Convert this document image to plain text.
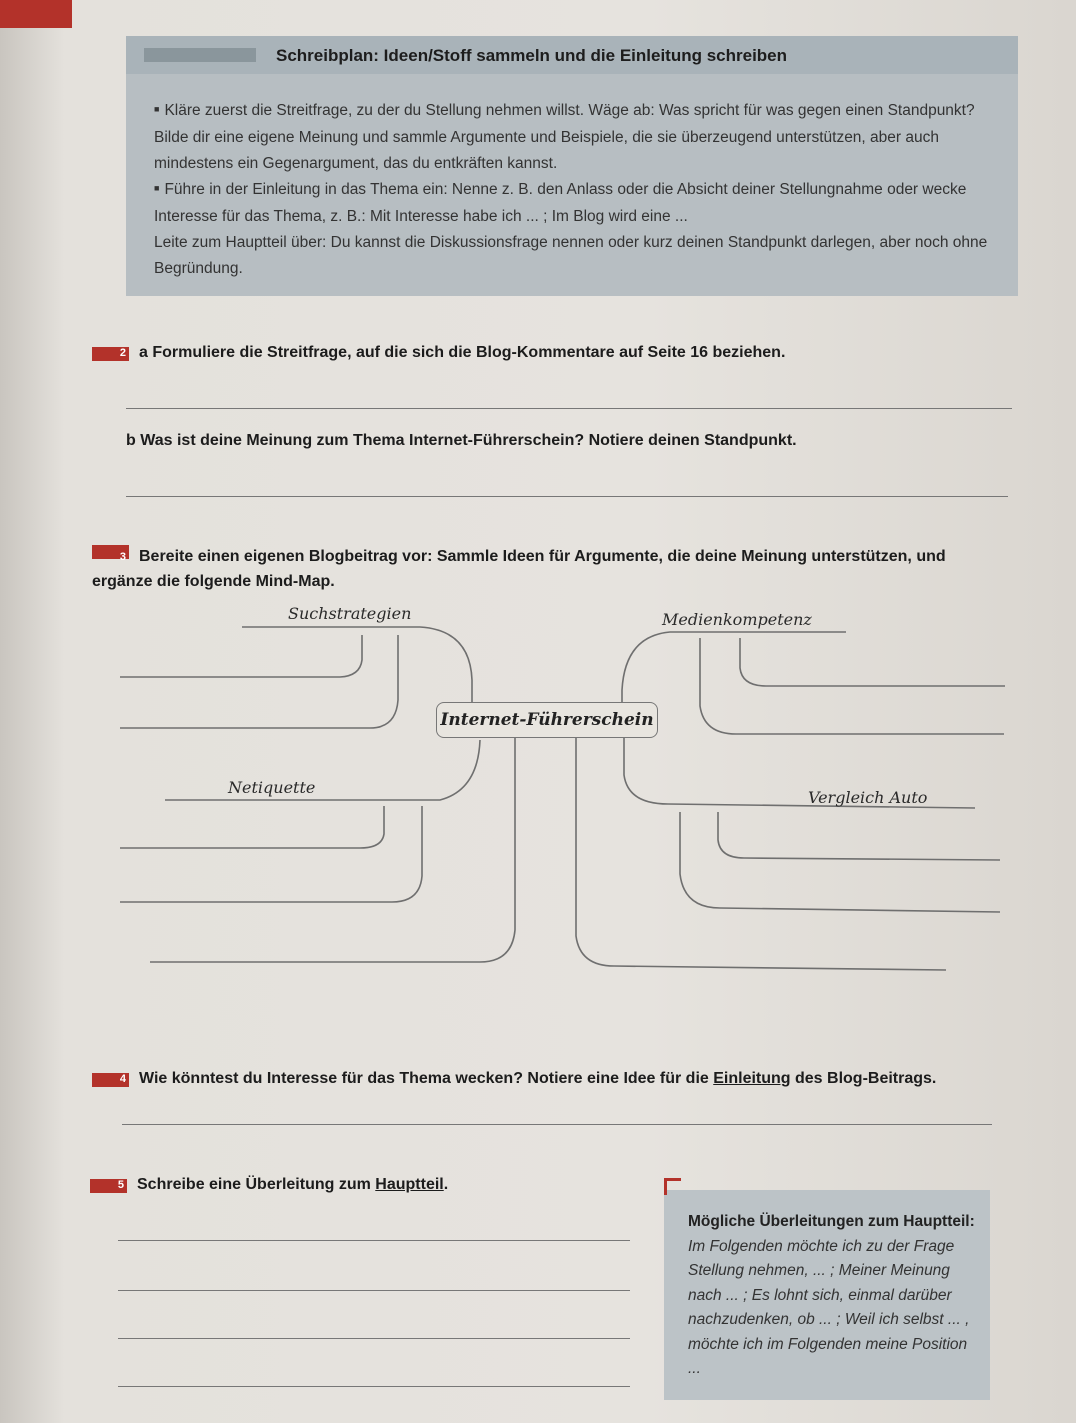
Schreibplan: Ideen/Stoff sammeln und die Einleitung schreiben

■ Kläre zuerst die Streitfrage, zu der du Stellung nehmen willst. Wäge ab: Was spricht für was gegen einen Standpunkt? Bilde dir eine eigene Meinung und sammle Argumente und Beispiele, die sie überzeugend unterstützen, aber auch mindestens ein Gegenargument, das du entkräften kannst.

■ Führe in der Einleitung in das Thema ein: Nenne z. B. den Anlass oder die Absicht deiner Stellungnahme oder wecke Interesse für das Thema, z. B.: Mit Interesse habe ich ... ; Im Blog wird eine ...

Leite zum Hauptteil über: Du kannst die Diskussionsfrage nennen oder kurz deinen Standpunkt darlegen, aber noch ohne Begründung.

2 a Formuliere die Streitfrage, auf die sich die Blog-Kommentare auf Seite 16 beziehen.
b Was ist deine Meinung zum Thema Internet-Führerschein? Notiere deinen Standpunkt.
3 Bereite einen eigenen Blogbeitrag vor: Sammle Ideen für Argumente, die deine Meinung unterstützen, und ergänze die folgende Mind-Map.
Suchstrategien	Medienkompetenz
Netiquette
Vergleich Auto
Internet-Führerschein
4 Wie könntest du Interesse für das Thema wecken? Notiere eine Idee für die Einleitung des Blog-Beitrags.
5 Schreibe eine Überleitung zum Hauptteil.
Mögliche Überleitungen zum Hauptteil: Im Folgenden möchte ich zu der Frage Stellung nehmen, ... ; Meiner Meinung nach ... ; Es lohnt sich, einmal darüber nachzudenken, ob ... ; Weil ich selbst ... , möchte ich im Folgenden meine Position ...
